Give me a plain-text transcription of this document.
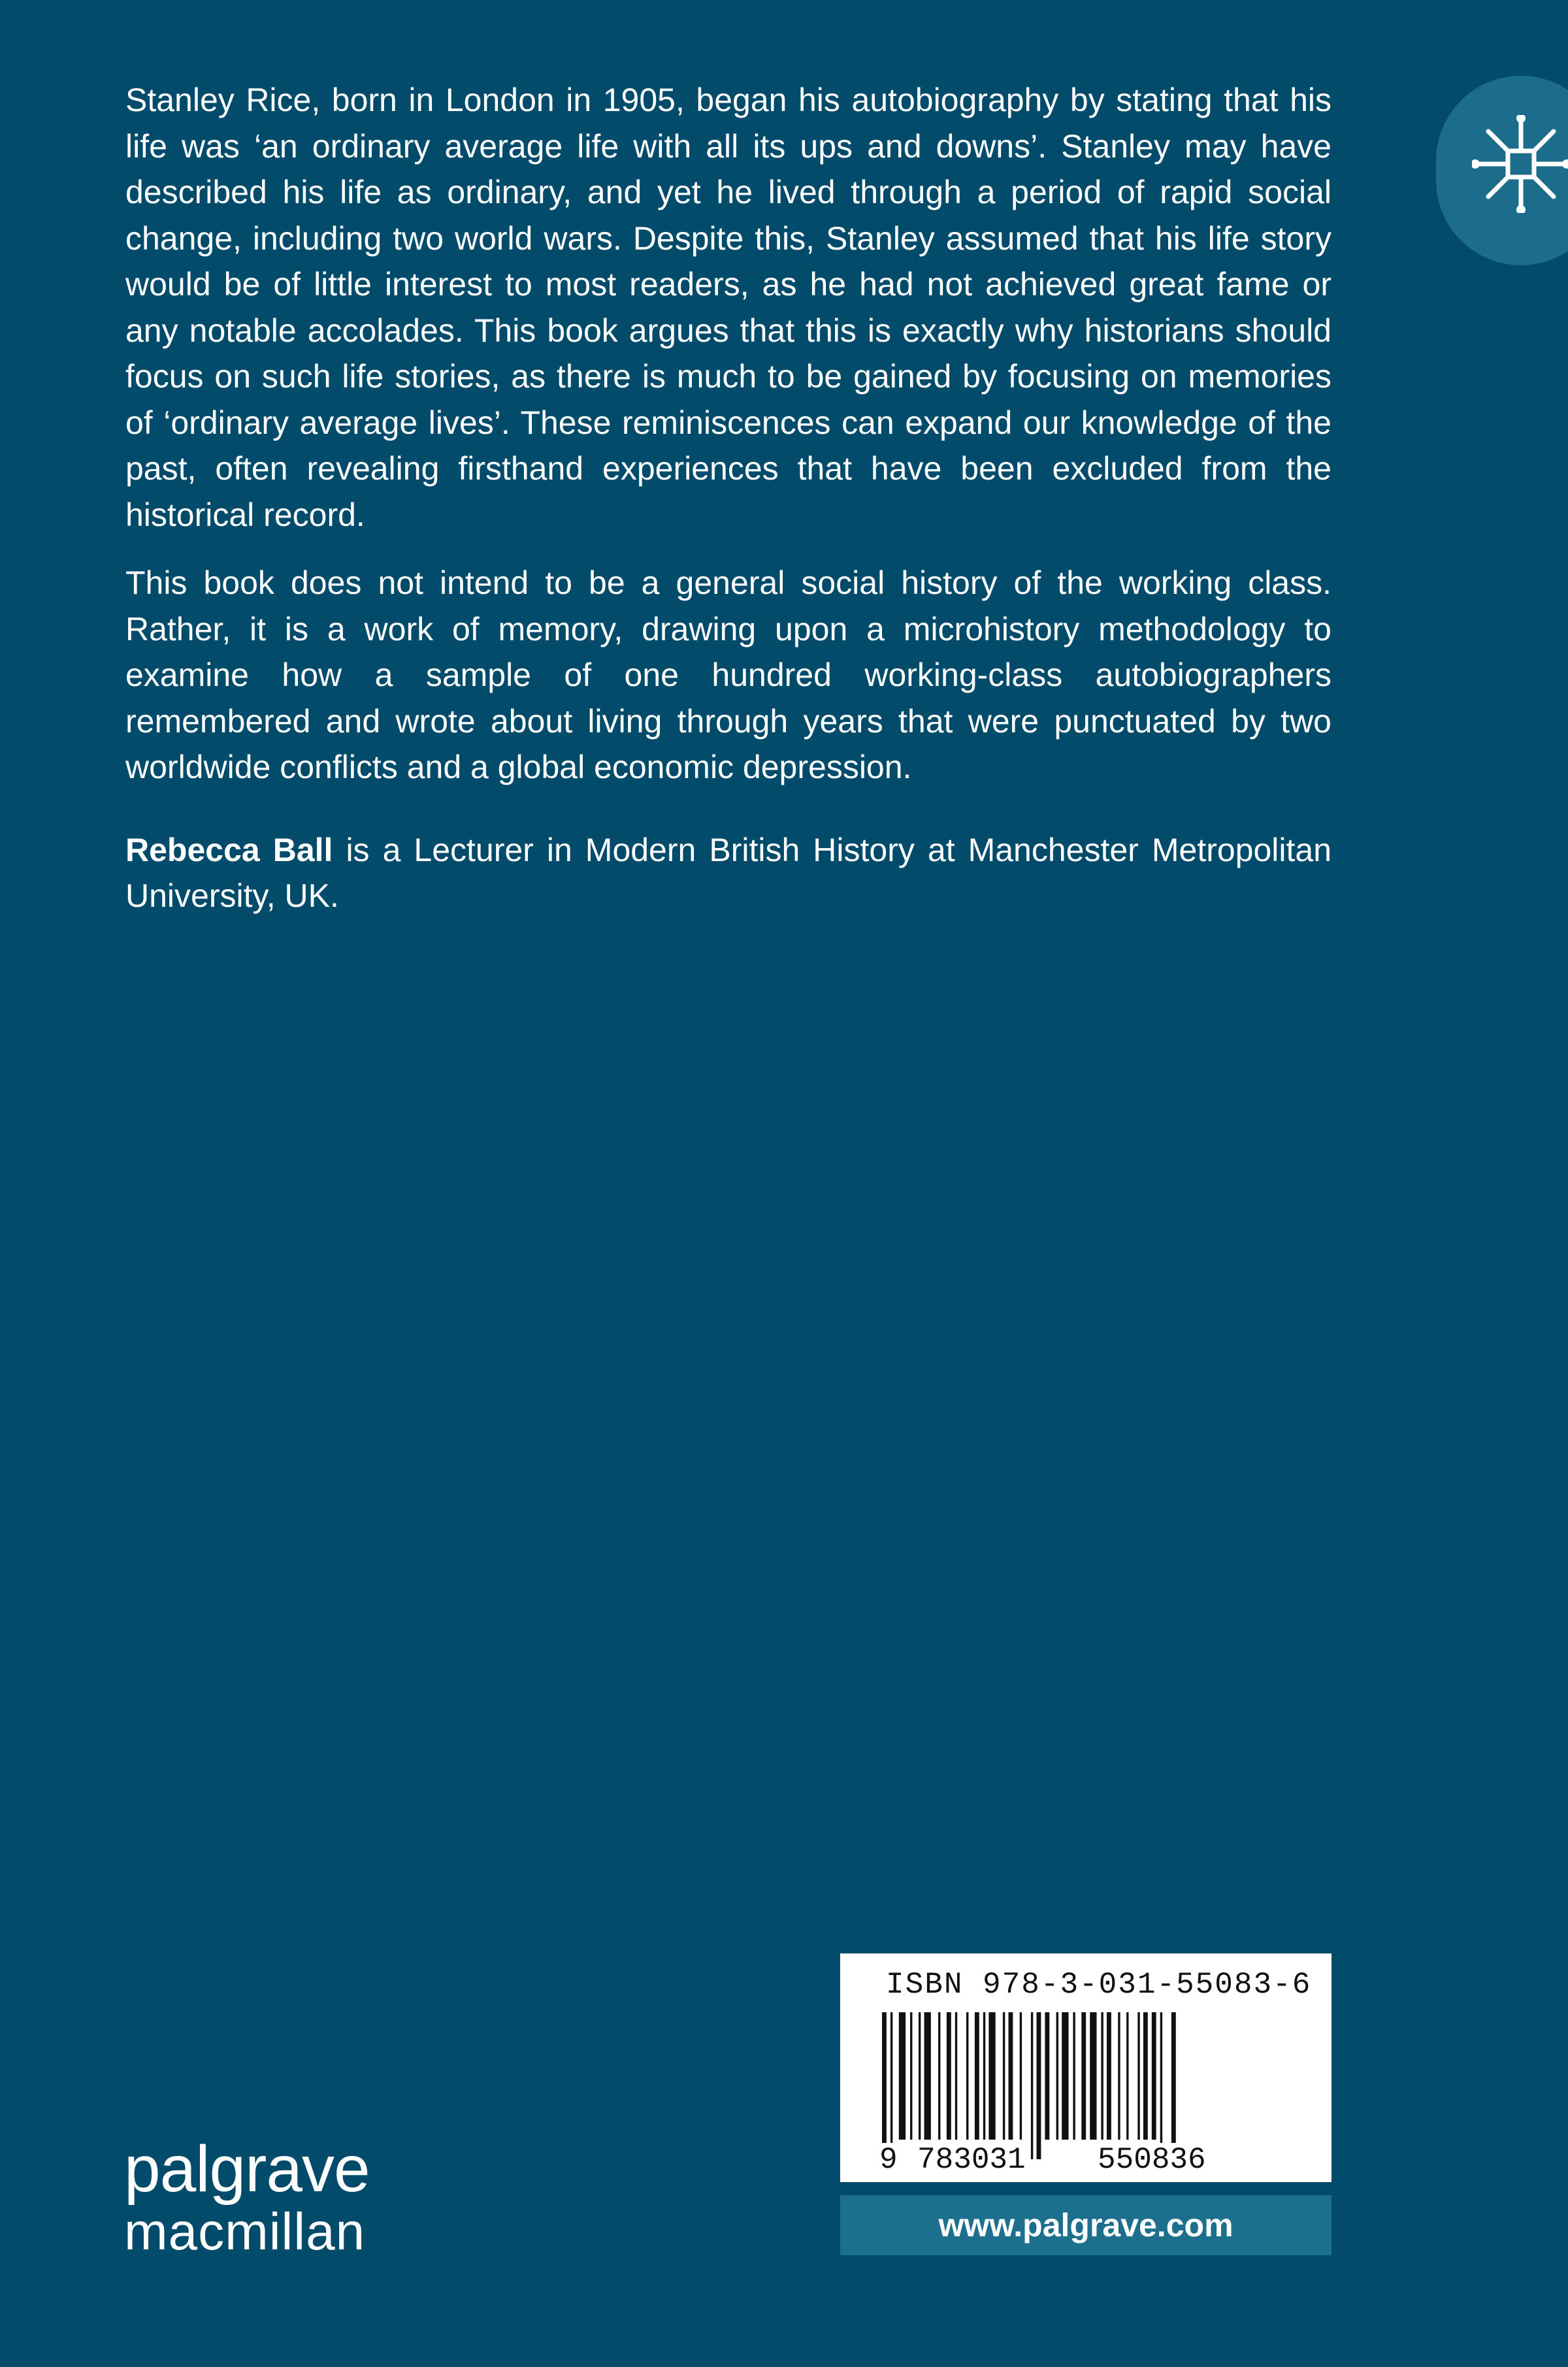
Stanley Rice, born in London in 1905, began his autobiography by stating that his life was ‘an ordinary average life with all its ups and downs’. Stanley may have described his life as ordinary, and yet he lived through a period of rapid social change, including two world wars. Despite this, Stanley assumed that his life story would be of little interest to most readers, as he had not achieved great fame or any notable accolades. This book argues that this is exactly why historians should focus on such life stories, as there is much to be gained by focusing on memories of ‘ordinary average lives’. These reminiscences can expand our knowledge of the past, often revealing firsthand experiences that have been excluded from the historical record.

This book does not intend to be a general social history of the working class. Rather, it is a work of memory, drawing upon a microhistory methodology to examine how a sample of one hundred working-class autobiographers remembered and wrote about living through years that were punctuated by two worldwide conflicts and a global economic depression.

Rebecca Ball is a Lecturer in Modern British History at Manchester Metropolitan University, UK.

palgrave
macmillan
ISBN 978-3-031-55083-6
9 783031 550836
www.palgrave.com
